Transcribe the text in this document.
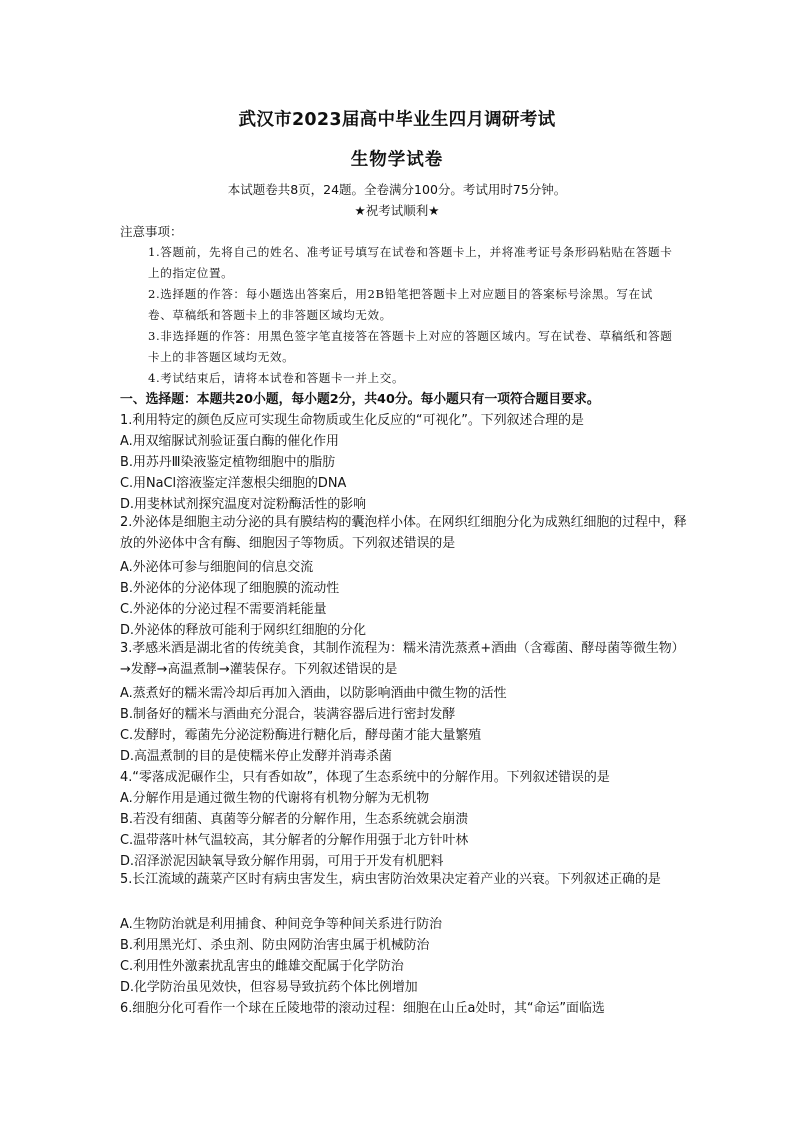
武汉市2023届高中毕业生四月调研考试
生物学试卷
本试题卷共8页，24题。全卷满分100分。考试用时75分钟。
★祝考试顺利★
注意事项：
1.答题前，先将自己的姓名、准考证号填写在试卷和答题卡上，并将准考证号条形码粘贴在答题卡上的指定位置。
2.选择题的作答：每小题选出答案后，用2B铅笔把答题卡上对应题目的答案标号涂黑。写在试卷、草稿纸和答题卡上的非答题区域均无效。
3.非选择题的作答：用黑色签字笔直接答在答题卡上对应的答题区域内。写在试卷、草稿纸和答题卡上的非答题区域均无效。
4.考试结束后，请将本试卷和答题卡一并上交。
一、选择题：本题共20小题，每小题2分，共40分。每小题只有一项符合题目要求。
1.利用特定的颜色反应可实现生命物质或生化反应的“可视化”。下列叙述合理的是
A.用双缩脲试剂验证蛋白酶的催化作用
B.用苏丹Ⅲ染液鉴定植物细胞中的脂肪
C.用NaCl溶液鉴定洋葱根尖细胞的DNA
D.用斐林试剂探究温度对淀粉酶活性的影响
2.外泌体是细胞主动分泌的具有膜结构的囊泡样小体。在网织红细胞分化为成熟红细胞的过程中，释放的外泌体中含有酶、细胞因子等物质。下列叙述错误的是
A.外泌体可参与细胞间的信息交流
B.外泌体的分泌体现了细胞膜的流动性
C.外泌体的分泌过程不需要消耗能量
D.外泌体的释放可能利于网织红细胞的分化
3.孝感米酒是湖北省的传统美食，其制作流程为：糯米清洗蒸煮+酒曲（含霉菌、酵母菌等微生物）→发酵→高温煮制→灌装保存。下列叙述错误的是
A.蒸煮好的糯米需冷却后再加入酒曲，以防影响酒曲中微生物的活性
B.制备好的糯米与酒曲充分混合，装满容器后进行密封发酵
C.发酵时，霉菌先分泌淀粉酶进行糖化后，酵母菌才能大量繁殖
D.高温煮制的目的是使糯米停止发酵并消毒杀菌
4.“零落成泥碾作尘，只有香如故”，体现了生态系统中的分解作用。下列叙述错误的是
A.分解作用是通过微生物的代谢将有机物分解为无机物
B.若没有细菌、真菌等分解者的分解作用，生态系统就会崩溃
C.温带落叶林气温较高，其分解者的分解作用强于北方针叶林
D.沼泽淤泥因缺氧导致分解作用弱，可用于开发有机肥料
5.长江流域的蔬菜产区时有病虫害发生，病虫害防治效果决定着产业的兴衰。下列叙述正确的是
A.生物防治就是利用捕食、种间竞争等种间关系进行防治
B.利用黑光灯、杀虫剂、防虫网防治害虫属于机械防治
C.利用性外激素扰乱害虫的雌雄交配属于化学防治
D.化学防治虽见效快，但容易导致抗药个体比例增加
6.细胞分化可看作一个球在丘陵地带的滚动过程：细胞在山丘a处时，其“命运”面临选
